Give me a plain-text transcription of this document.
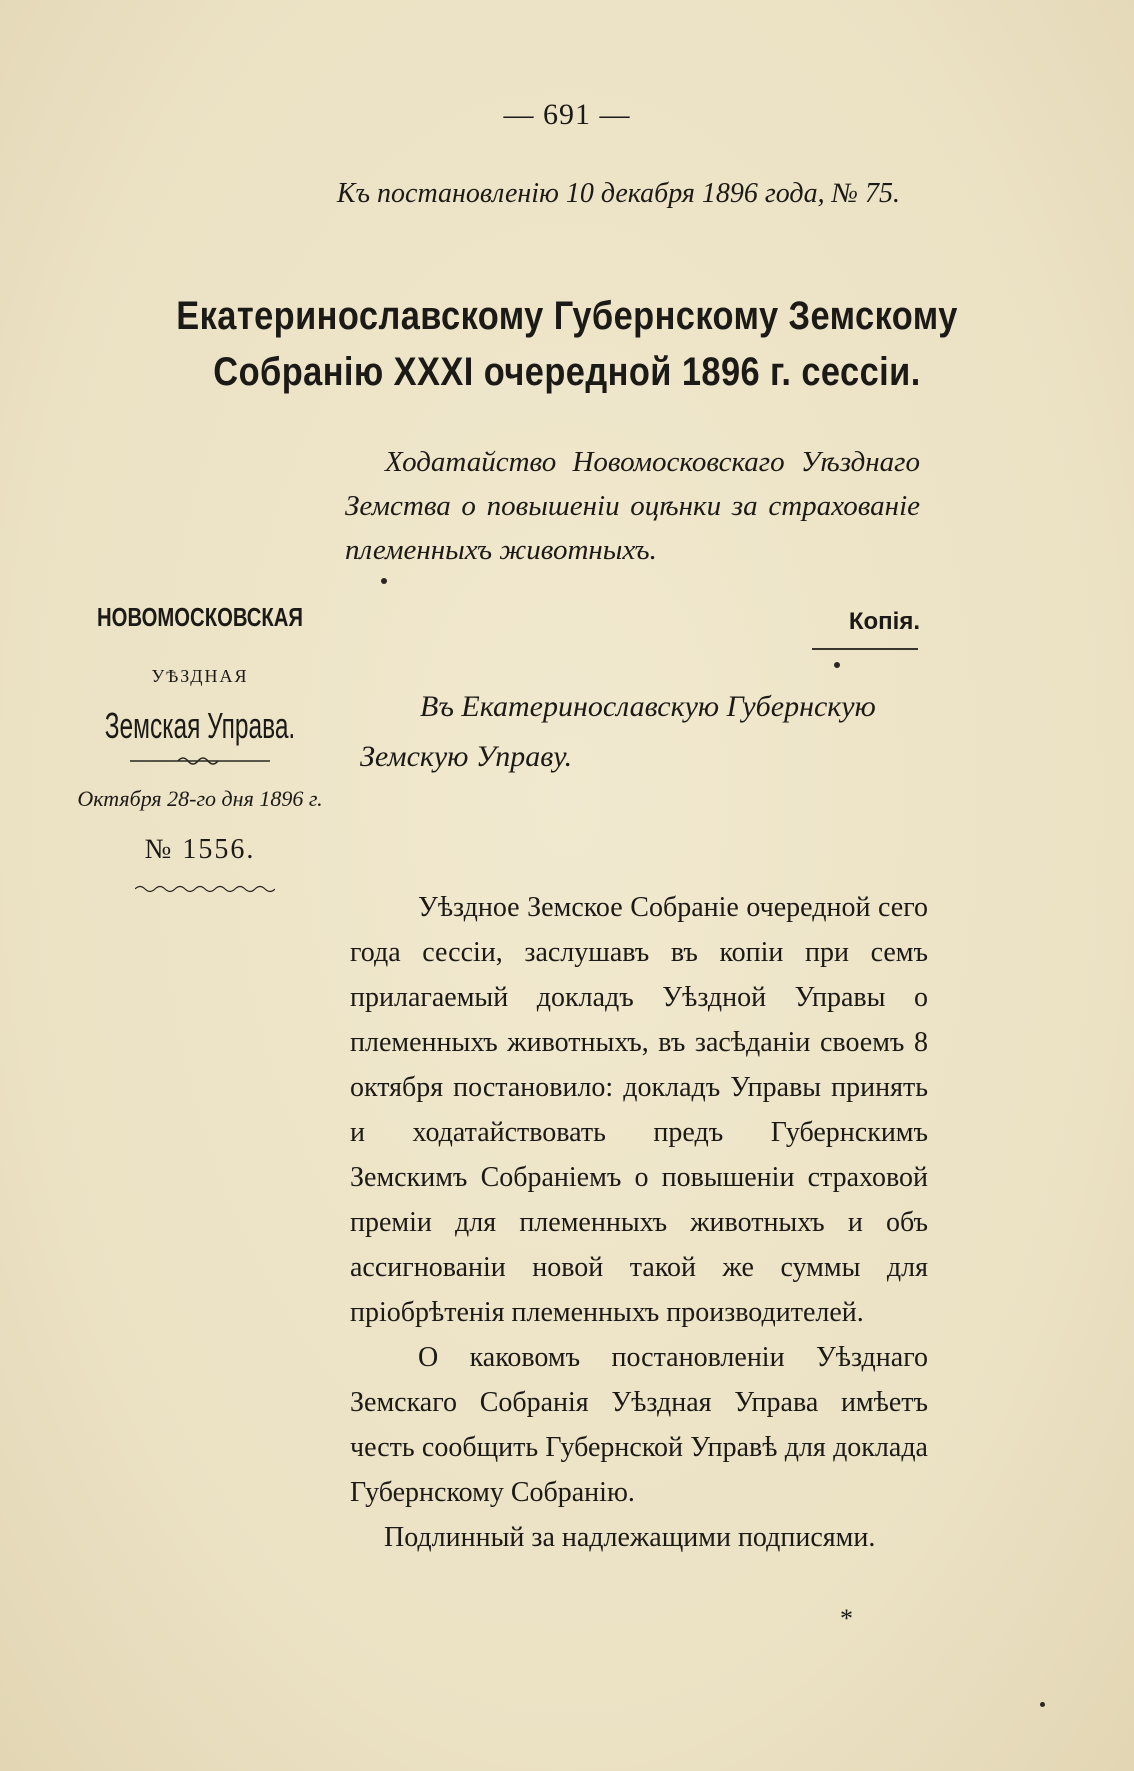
— 691 —
Къ постановленію 10 декабря 1896 года, № 75.
Екатеринославскому Губернскому Земскому
Собранію XXXI очередной 1896 г. сессіи.
Ходатайство Новомосковскаго Уѣзднаго Земства о повышеніи оцѣнки за страхованіе племенныхъ животныхъ.
НОВОМОСКОВСКАЯ
УѢЗДНАЯ
Земская Управа.
Октября 28-го дня 1896 г.
№ 1556.
Копія.
Въ Екатеринославскую Губернскую Земскую Управу.

Уѣздное Земское Собраніе очередной сего года сессіи, заслушавъ въ копіи при семъ прилагаемый докладъ Уѣздной Управы о племенныхъ животныхъ, въ засѣданіи своемъ 8 октября постановило: докладъ Управы принять и ходатайствовать предъ Губернскимъ Земскимъ Собраніемъ о повышеніи страховой преміи для племенныхъ животныхъ и объ ассигнованіи новой такой же суммы для пріобрѣтенія племенныхъ производителей.

О каковомъ постановленіи Уѣзднаго Земскаго Собранія Уѣздная Управа имѣетъ честь сообщить Губернской Управѣ для доклада Губернскому Собранію.

Подлинный за надлежащими подписями.

*
